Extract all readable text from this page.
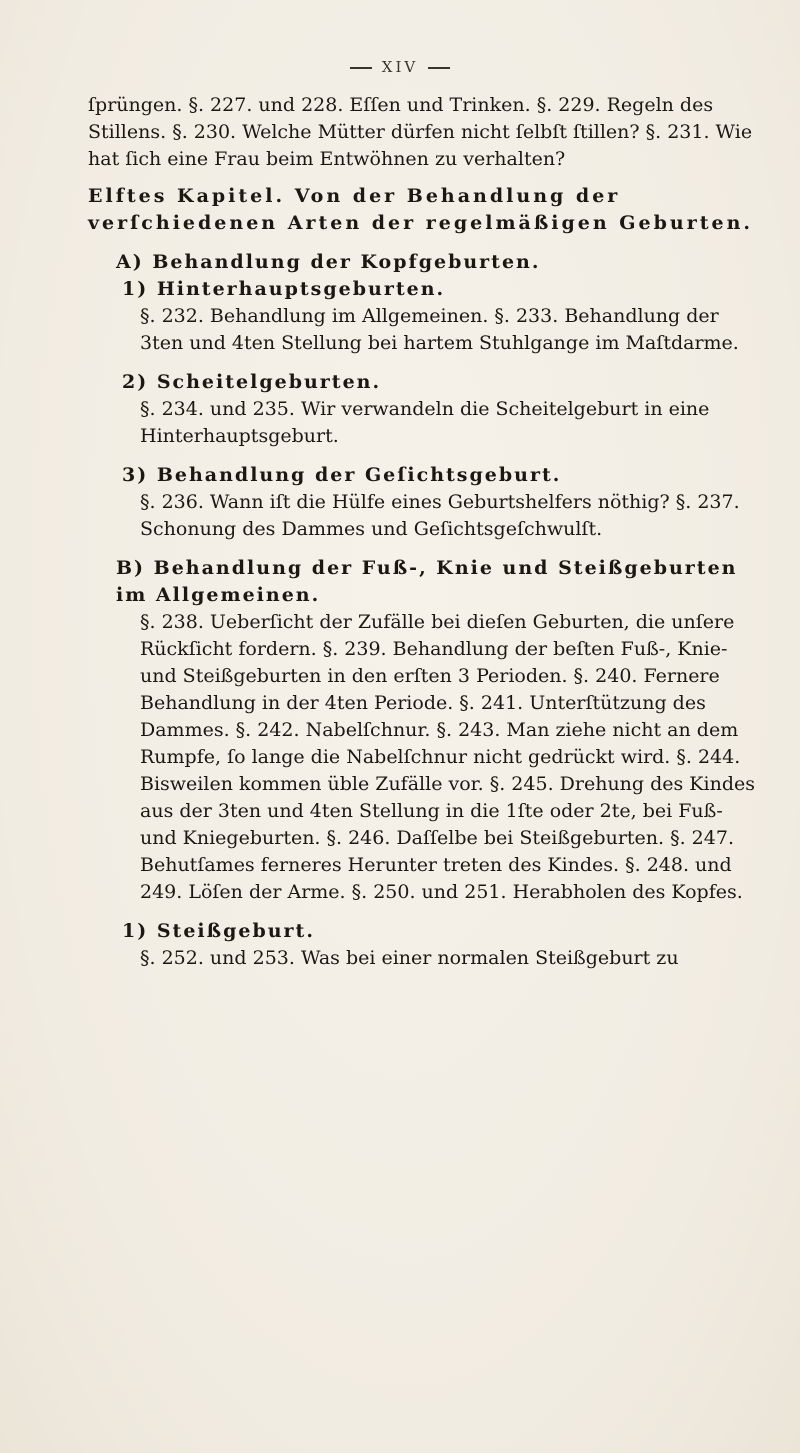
XIV

ſprüngen. §. 227. und 228. Eſſen und Trinken. §. 229. Regeln des Stillens. §. 230. Welche Mütter dürfen nicht ſelbſt ſtillen? §. 231. Wie hat ſich eine Frau beim Entwöhnen zu verhalten?

Elftes Kapitel. Von der Behandlung der verſchiedenen Arten der regelmäßigen Geburten.

A) Behandlung der Kopfgeburten.

1) Hinterhauptsgeburten.

§. 232. Behandlung im Allgemeinen. §. 233. Behandlung der 3ten und 4ten Stellung bei hartem Stuhlgange im Maſtdarme.

2) Scheitelgeburten.

§. 234. und 235. Wir verwandeln die Scheitelgeburt in eine Hinterhauptsgeburt.

3) Behandlung der Geſichtsgeburt.

§. 236. Wann iſt die Hülfe eines Geburtshelfers nöthig? §. 237. Schonung des Dammes und Geſichtsgeſchwulſt.

B) Behandlung der Fuß-, Knie und Steißgeburten im Allgemeinen.

§. 238. Ueberſicht der Zufälle bei dieſen Geburten, die unſere Rückſicht fordern. §. 239. Behandlung der beſten Fuß-, Knie- und Steißgeburten in den erſten 3 Perioden. §. 240. Fernere Behandlung in der 4ten Periode. §. 241. Unterſtützung des Dammes. §. 242. Nabelſchnur. §. 243. Man ziehe nicht an dem Rumpfe, ſo lange die Nabelſchnur nicht gedrückt wird. §. 244. Bisweilen kommen üble Zufälle vor. §. 245. Drehung des Kindes aus der 3ten und 4ten Stellung in die 1ſte oder 2te, bei Fuß- und Kniegeburten. §. 246. Daſſelbe bei Steißgeburten. §. 247. Behutſames ferneres Herunter treten des Kindes. §. 248. und 249. Löſen der Arme. §. 250. und 251. Herabholen des Kopfes.

1) Steißgeburt.

§. 252. und 253. Was bei einer normalen Steißgeburt zu
